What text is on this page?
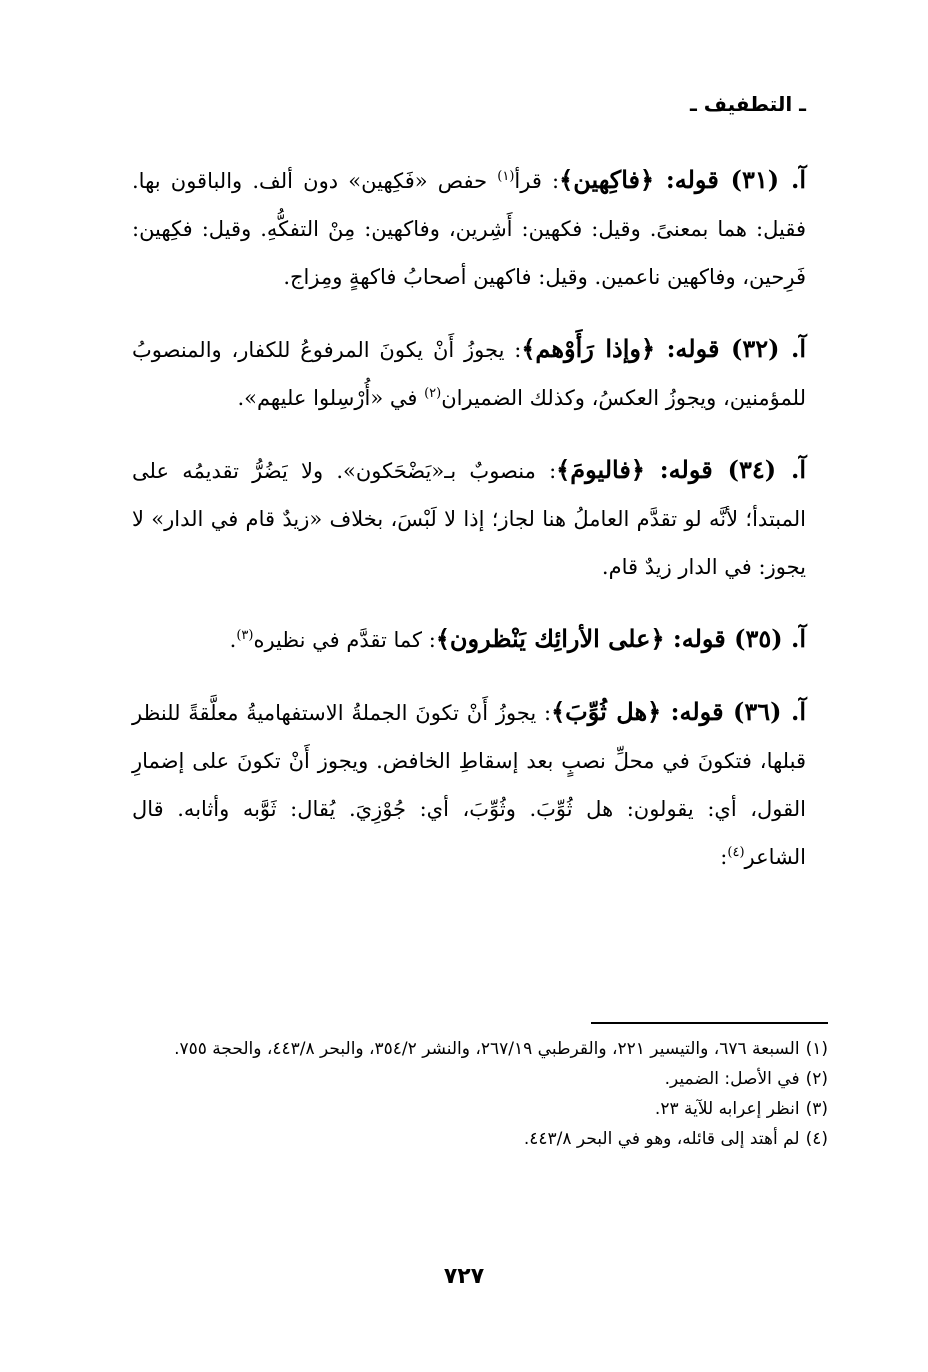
ـ التطفيف ـ

آ. (٣١) قوله: ﴿فاكِهين﴾: قرأ$^{(١)}$ حفص «فَكِهين» دون ألف. والباقون بها. فقيل: هما بمعنىً. وقيل: فكهين: أَشِرين، وفاكهين: مِنْ التفكُّهِ. وقيل: فكِهين: فَرِحين، وفاكهين ناعمين. وقيل: فاكهين أصحابُ فاكهةٍ ومِزاج.

آ. (٣٢) قوله: ﴿وإذا رَأَوْهم﴾: يجوزُ أَنْ يكونَ المرفوعُ للكفار، والمنصوبُ للمؤمنين، ويجوزُ العكسُ، وكذلك الضميران$^{(٢)}$ في «أُرْسِلوا عليهم».

آ. (٣٤) قوله: ﴿فاليومَ﴾: منصوبٌ بـ«يَضْحَكون». ولا يَضُرُّ تقديمُه على المبتدأ؛ لأنَّه لو تقدَّم العاملُ هنا لجاز؛ إذا لا لَبْسَ، بخلاف «زيدٌ قام في الدار» لا يجوز: في الدار زيدٌ قام.

آ. (٣٥) قوله: ﴿على الأرائِك يَنْظرون﴾: كما تقدَّم في نظيره$^{(٣)}$.

آ. (٣٦) قوله: ﴿هل ثُوِّبَ﴾: يجوزُ أَنْ تكونَ الجملةُ الاستفهاميةُ معلَّقةً للنظر قبلها، فتكونَ في محلِّ نصبٍ بعد إسقاطِ الخافض. ويجوز أَنْ تكونَ على إضمارِ القول، أي: يقولون: هل ثُوِّبَ. وثُوِّبَ، أي: جُوْزِيَ. يُقال: ثَوَّبه وأثابه. قال الشاعر$^{(٤)}$:

(١)السبعة ٦٧٦، والتيسير ٢٢١، والقرطبي ٢٦٧/١٩، والنشر ٣٥٤/٢، والبحر ٤٤٣/٨، والحجة ٧٥٥.

(٢)في الأصل: الضمير.

(٣)انظر إعرابه للآية ٢٣.

(٤)لم أهتد إلى قائله، وهو في البحر ٤٤٣/٨.

٧٢٧
